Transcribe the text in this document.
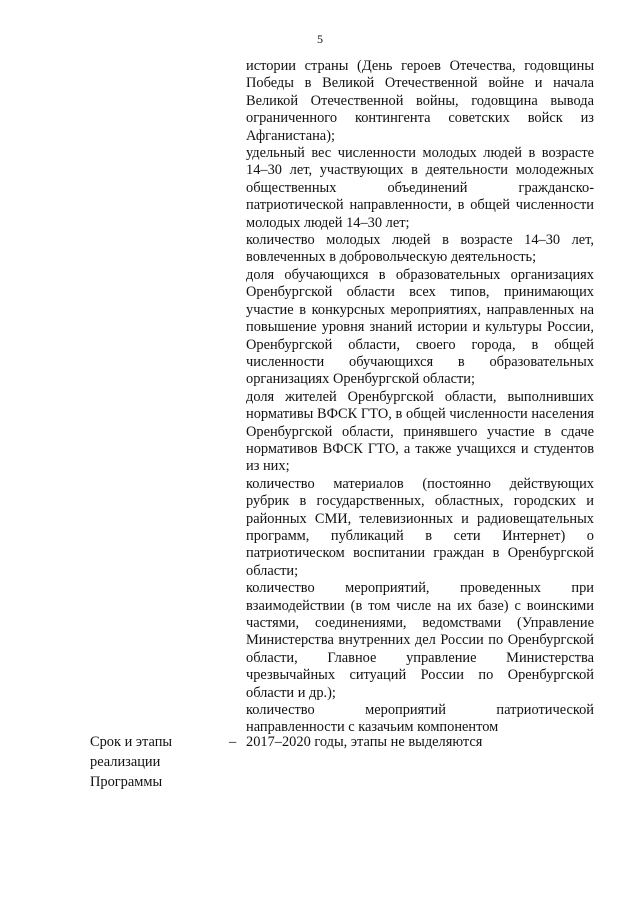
5
истории страны (День героев Отечества, годовщины Победы в Великой Отечественной войне и начала Великой Отечественной войны, годовщина вывода ограниченного контингента советских войск из Афганистана);
удельный вес численности молодых людей в возрасте 14–30 лет, участвующих в деятельности молодежных общественных объединений гражданско-патриотической направленности, в общей численности молодых людей 14–30 лет;
количество молодых людей в возрасте 14–30 лет, вовлеченных в добровольческую деятельность;
доля обучающихся в образовательных организациях Оренбургской области всех типов, принимающих участие в конкурсных мероприятиях, направленных на повышение уровня знаний истории и культуры России, Оренбургской области, своего города, в общей численности обучающихся в образовательных организациях Оренбургской области;
доля жителей Оренбургской области, выполнивших нормативы ВФСК ГТО, в общей численности населения Оренбургской области, принявшего участие в сдаче нормативов ВФСК ГТО, а также учащихся и студентов из них;
количество материалов (постоянно действующих рубрик в государственных, областных, городских и районных СМИ, телевизионных и радиовещательных программ, публикаций в сети Интернет) о патриотическом воспитании граждан в Оренбургской области;
количество мероприятий, проведенных при взаимодействии (в том числе на их базе) с воинскими частями, соединениями, ведомствами (Управление Министерства внутренних дел России по Оренбургской области, Главное управление Министерства чрезвычайных ситуаций России по Оренбургской области и др.);
количество мероприятий патриотической направленности с казачьим компонентом
Срок и этапы
реализации
Программы
– 2017–2020 годы, этапы не выделяются
